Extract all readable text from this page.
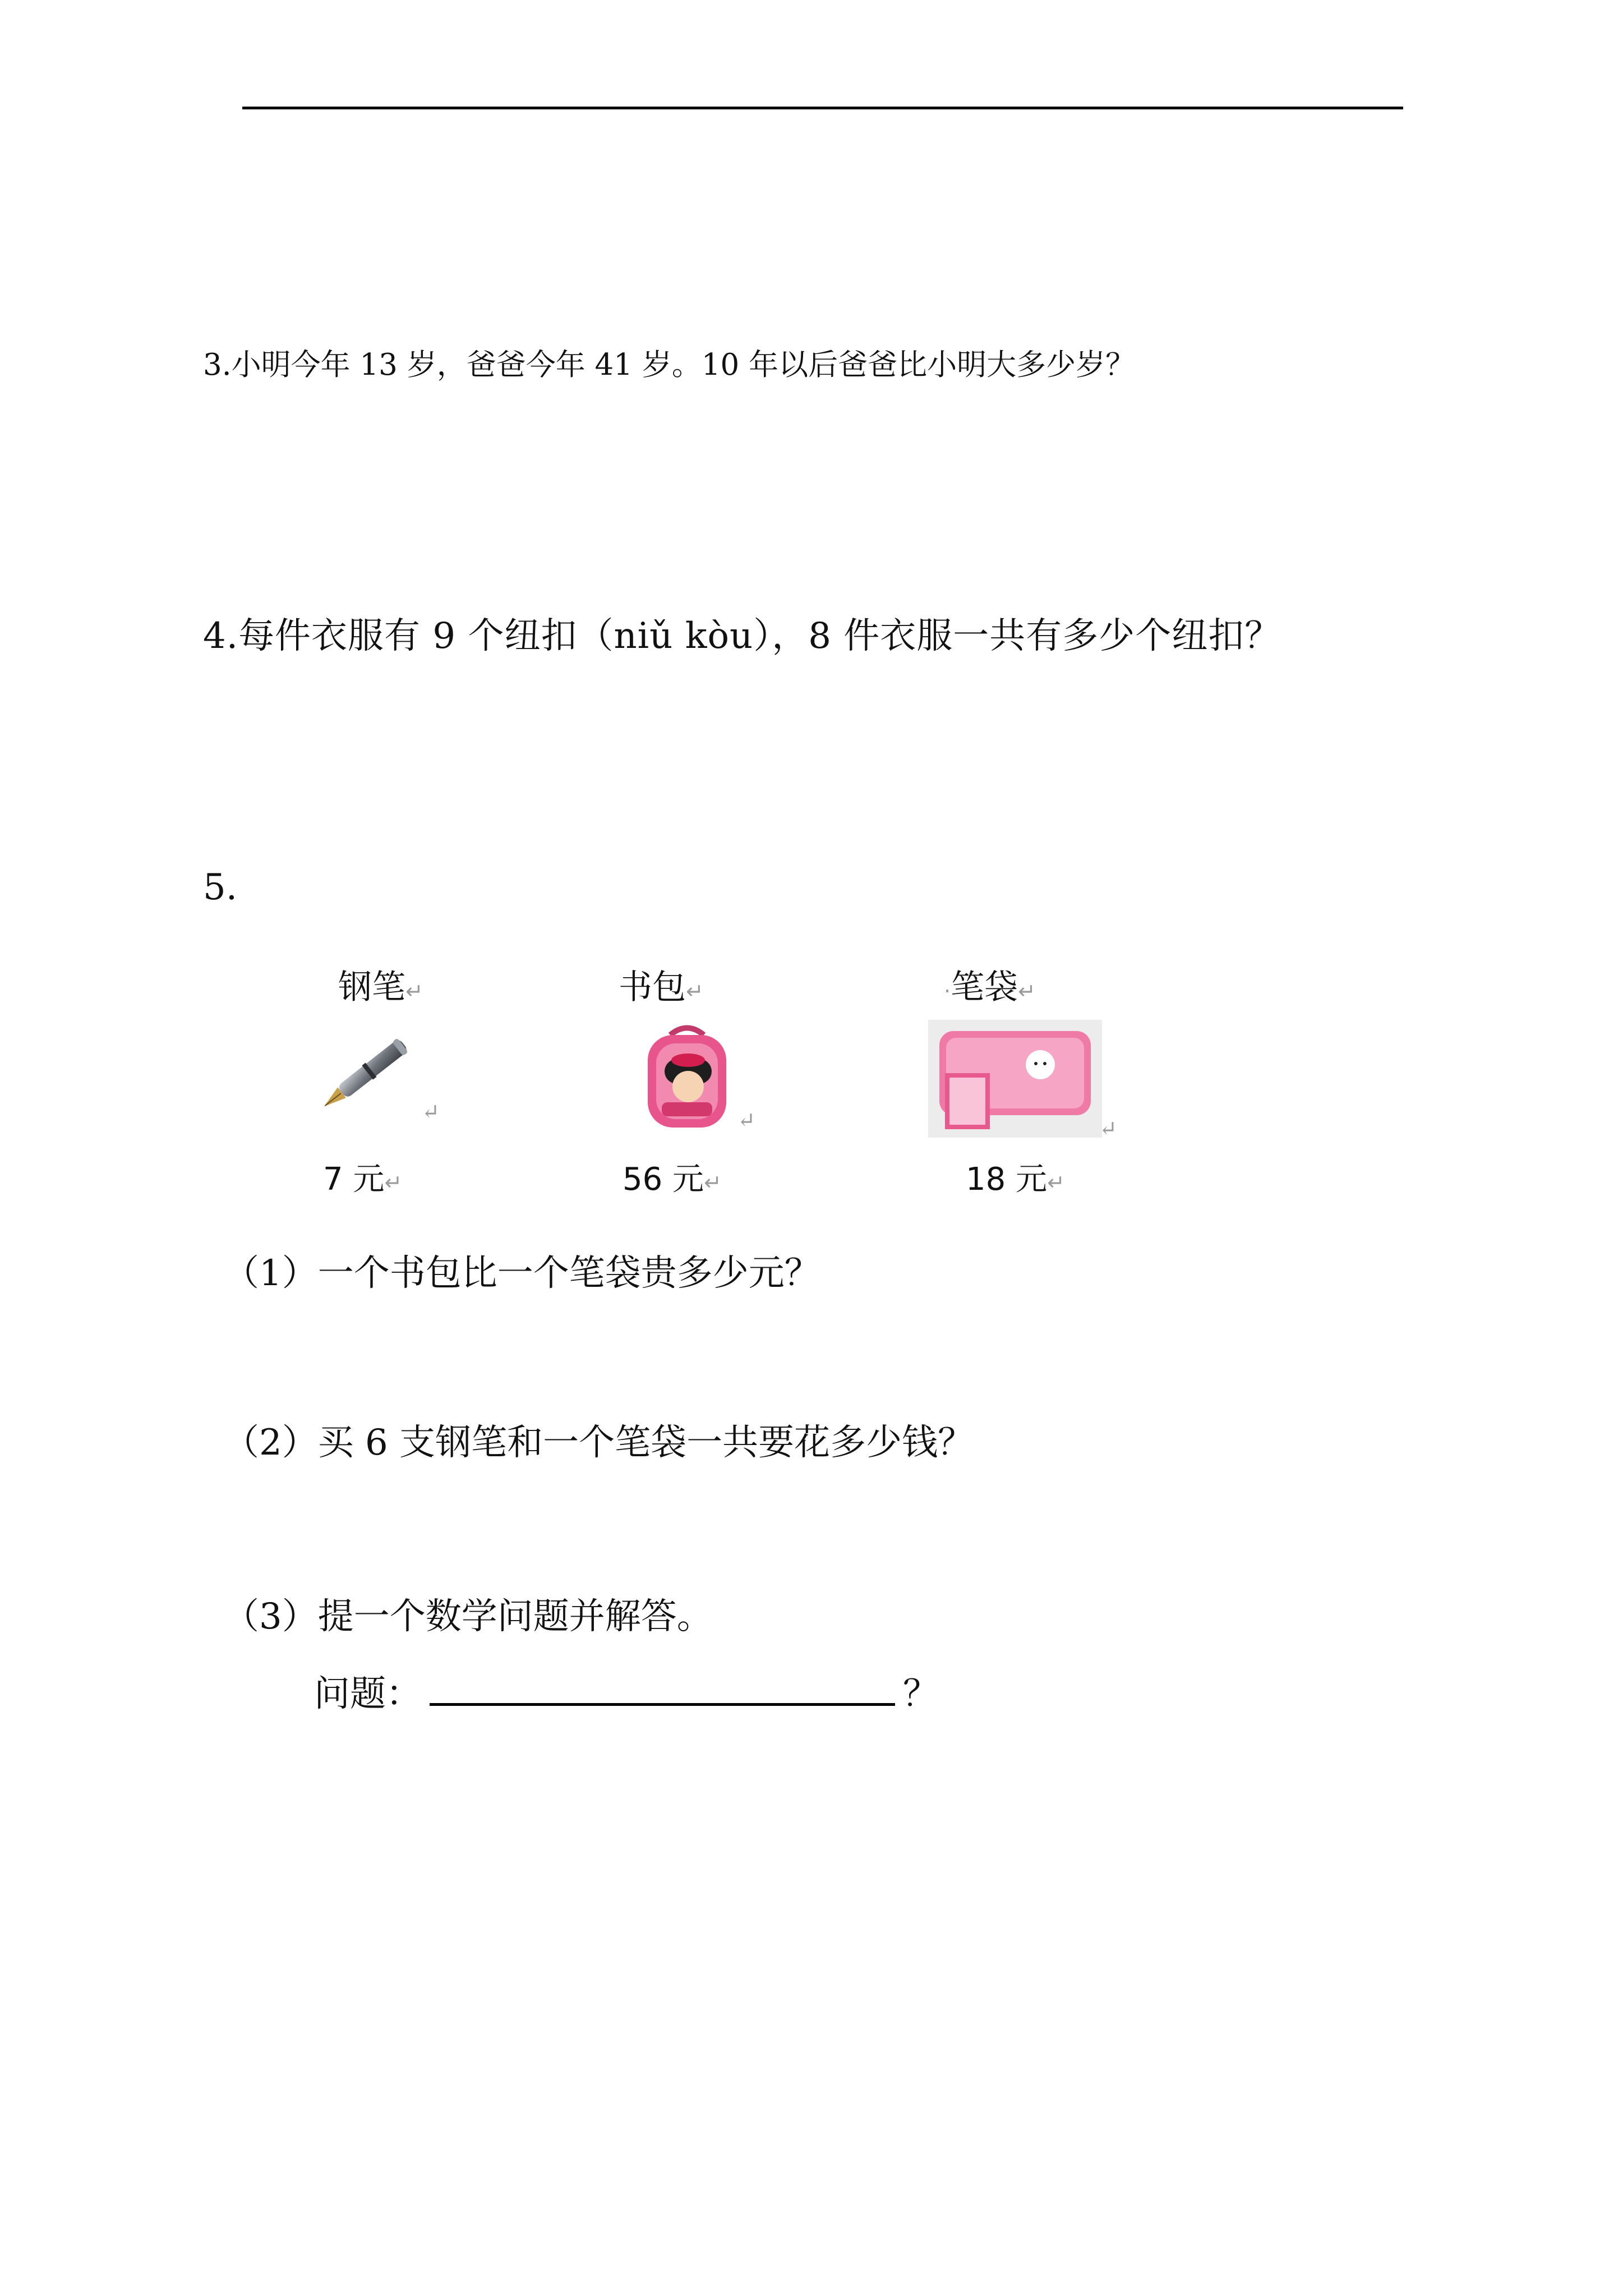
3.小明今年 13 岁，爸爸今年 41 岁。10 年以后爸爸比小明大多少岁？
4.每件衣服有 9 个纽扣（niǔ kòu），8 件衣服一共有多少个纽扣？
5.
钢笔↵
↵
7 元↵
书包↵
↵
56 元↵
·笔袋↵
↵
18 元↵
（1）一个书包比一个笔袋贵多少元？
（2）买 6 支钢笔和一个笔袋一共要花多少钱？
（3）提一个数学问题并解答。
问题：	？
